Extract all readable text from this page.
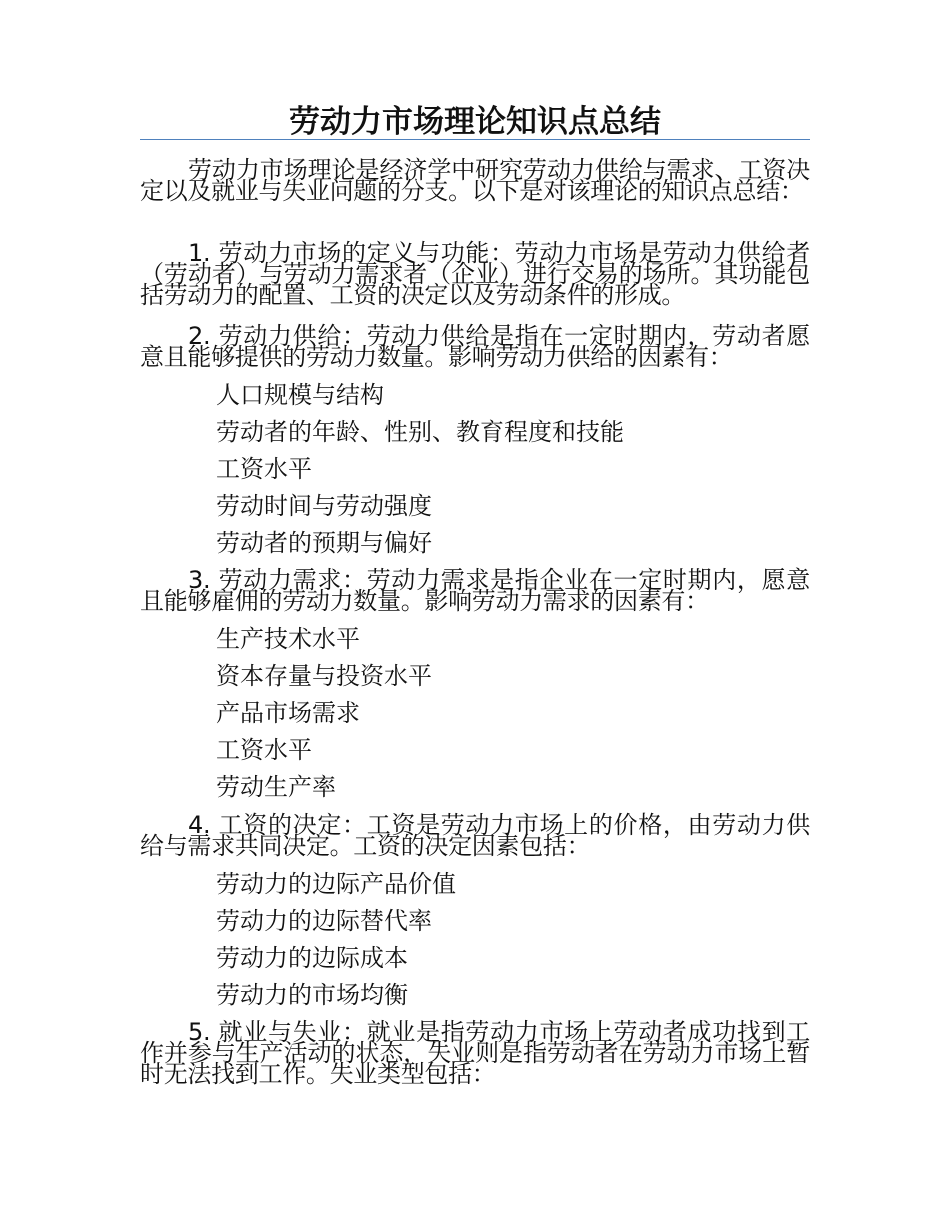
劳动力市场理论知识点总结

劳动力市场理论是经济学中研究劳动力供给与需求、工资决定以及就业与失业问题的分支。以下是对该理论的知识点总结：

1. 劳动力市场的定义与功能：劳动力市场是劳动力供给者（劳动者）与劳动力需求者（企业）进行交易的场所。其功能包括劳动力的配置、工资的决定以及劳动条件的形成。

2. 劳动力供给：劳动力供给是指在一定时期内，劳动者愿意且能够提供的劳动力数量。影响劳动力供给的因素有：

人口规模与结构

劳动者的年龄、性别、教育程度和技能

工资水平

劳动时间与劳动强度

劳动者的预期与偏好

3. 劳动力需求：劳动力需求是指企业在一定时期内，愿意且能够雇佣的劳动力数量。影响劳动力需求的因素有：

生产技术水平

资本存量与投资水平

产品市场需求

工资水平

劳动生产率

4. 工资的决定：工资是劳动力市场上的价格，由劳动力供给与需求共同决定。工资的决定因素包括：

劳动力的边际产品价值

劳动力的边际替代率

劳动力的边际成本

劳动力的市场均衡

5. 就业与失业：就业是指劳动力市场上劳动者成功找到工作并参与生产活动的状态，失业则是指劳动者在劳动力市场上暂时无法找到工作。失业类型包括：
